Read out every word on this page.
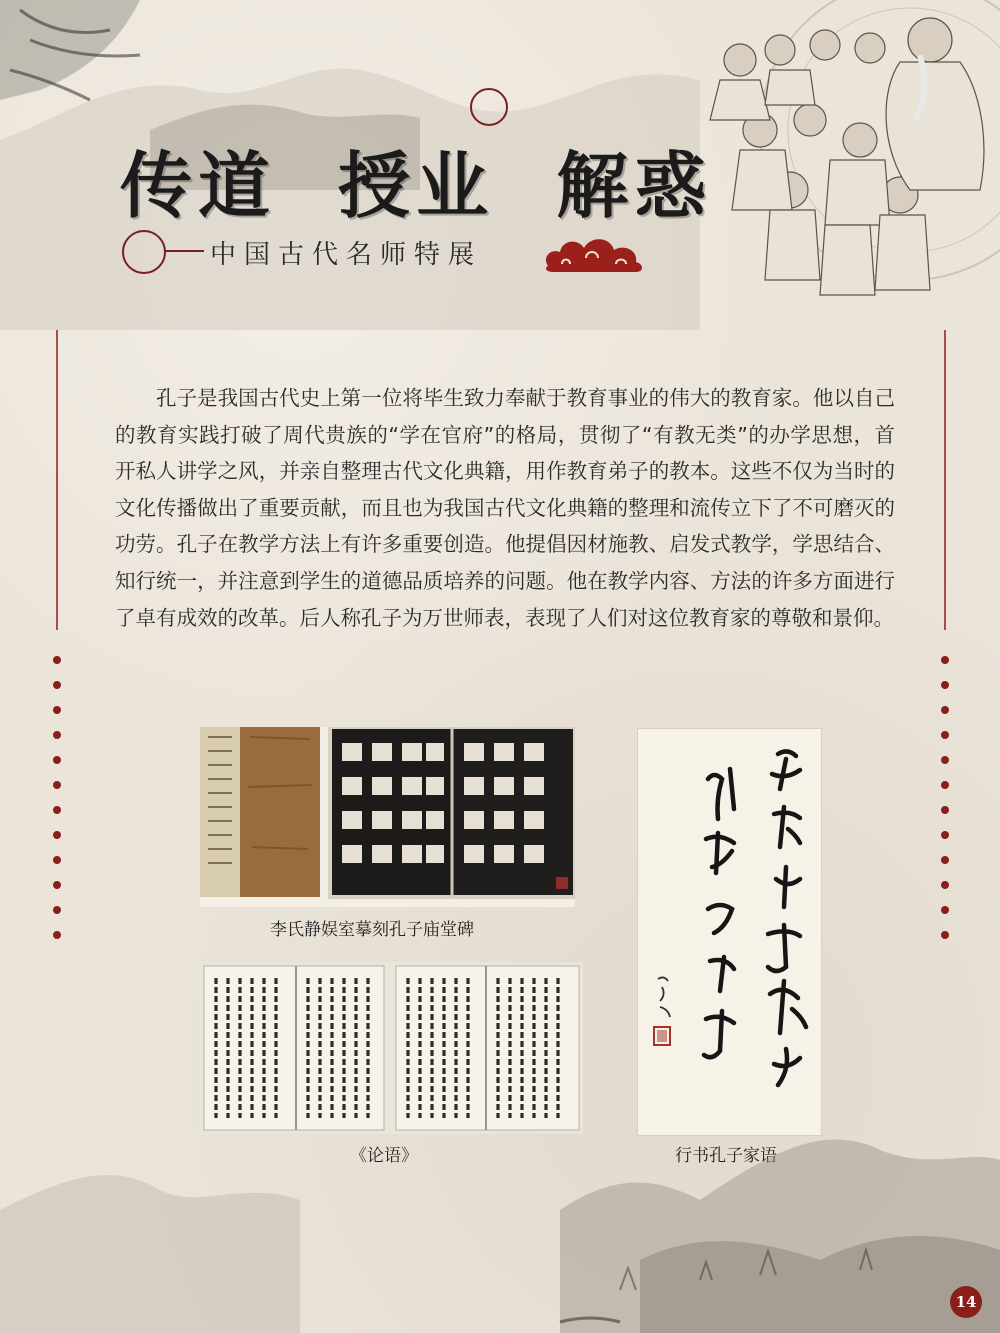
传道  授业  解惑
中国古代名师特展

孔子是我国古代史上第一位将毕生致力奉献于教育事业的伟大的教育家。他以自己的教育实践打破了周代贵族的“学在官府”的格局，贯彻了“有教无类”的办学思想，首开私人讲学之风，并亲自整理古代文化典籍，用作教育弟子的教本。这些不仅为当时的文化传播做出了重要贡献，而且也为我国古代文化典籍的整理和流传立下了不可磨灭的功劳。孔子在教学方法上有许多重要创造。他提倡因材施教、启发式教学，学思结合、知行统一，并注意到学生的道德品质培养的问题。他在教学内容、方法的许多方面进行了卓有成效的改革。后人称孔子为万世师表，表现了人们对这位教育家的尊敬和景仰。

李氏静娱室摹刻孔子庙堂碑
《论语》	行书孔子家语
14
